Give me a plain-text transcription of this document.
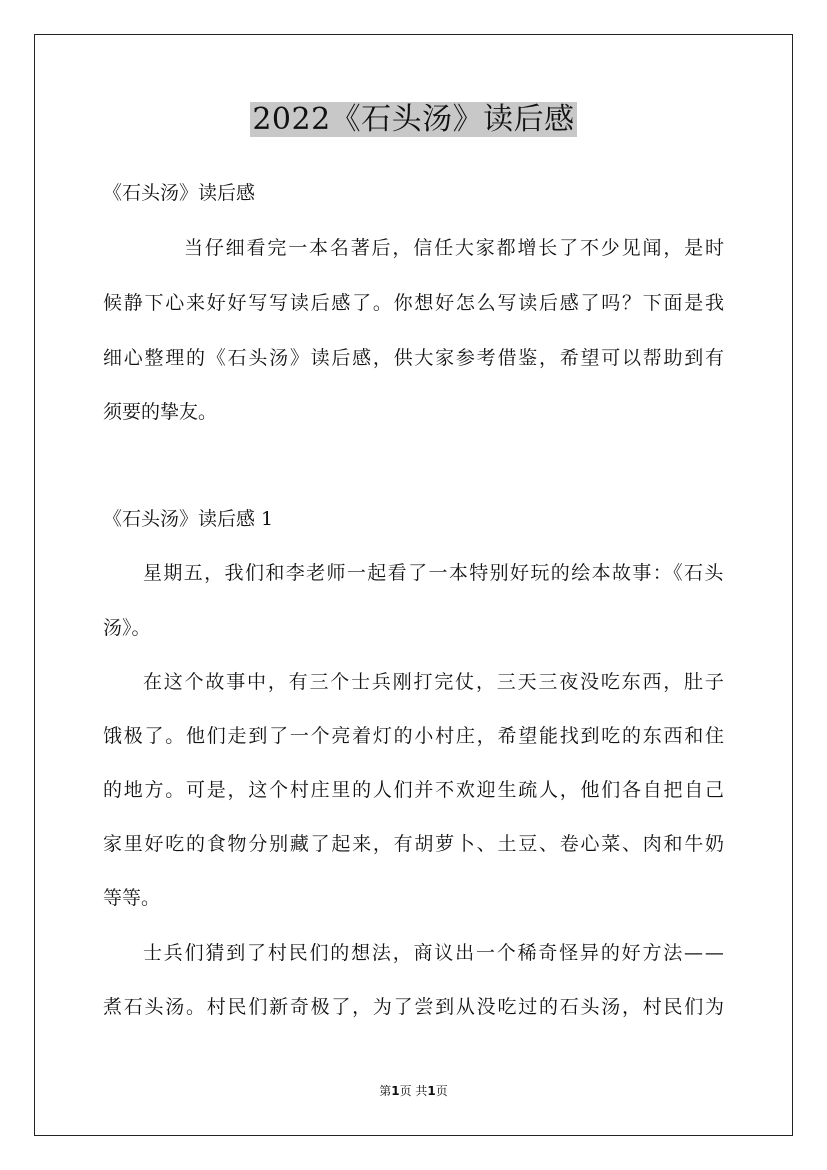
2022《石头汤》读后感
《石头汤》读后感
当仔细看完一本名著后，信任大家都增长了不少见闻，是时
候静下心来好好写写读后感了。你想好怎么写读后感了吗？下面是我
细心整理的《石头汤》读后感，供大家参考借鉴，希望可以帮助到有
须要的挚友。
《石头汤》读后感 1
星期五，我们和李老师一起看了一本特别好玩的绘本故事：《石头
汤》。
在这个故事中，有三个士兵刚打完仗，三天三夜没吃东西，肚子
饿极了。他们走到了一个亮着灯的小村庄，希望能找到吃的东西和住
的地方。可是，这个村庄里的人们并不欢迎生疏人，他们各自把自己
家里好吃的食物分别藏了起来，有胡萝卜、土豆、卷心菜、肉和牛奶
等等。
士兵们猜到了村民们的想法，商议出一个稀奇怪异的好方法——
煮石头汤。村民们新奇极了，为了尝到从没吃过的石头汤，村民们为
第1页 共1页
